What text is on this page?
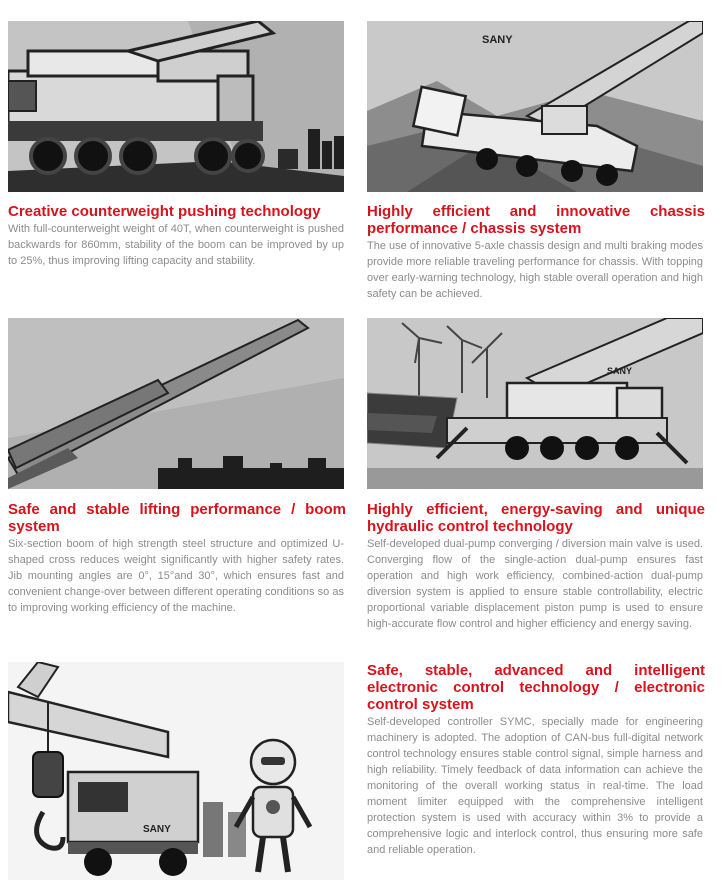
Creative counterweight pushing technology

With full-counterweight weight of 40T, when counterweight is pushed backwards for 860mm, stability of the boom can be improved by up to 25%, thus improving lifting capacity and stability.

SANY
Highly efficient and innovative chassis performance / chassis system

The use of innovative 5-axle chassis design and multi braking modes provide more reliable traveling performance for chassis. With topping over early-warning technology, high stable overall operation and high safety can be achieved.

Safe and stable lifting performance / boom system

Six-section boom of high strength steel structure and optimized U-shaped cross reduces weight significantly with higher safety rates. Jib mounting angles are 0°, 15°and 30°, which ensures fast and convenient change-over between different operating conditions so as to improving working efficiency of the machine.

SANY
Highly efficient, energy-saving and unique hydraulic control technology

Self-developed dual-pump converging / diversion main valve is used. Converging flow of the single-action dual-pump ensures fast operation and high work efficiency, combined-action dual-pump diversion system is applied to ensure stable controllability, electric proportional variable displacement piston pump is used to ensure high-accurate flow control and higher efficiency and energy saving.

SANY
Safe, stable, advanced and intelligent electronic control technology / electronic control system

Self-developed controller SYMC, specially made for engineering machinery is adopted. The adoption of CAN-bus full-digital network control technology ensures stable control signal, simple harness and high reliability. Timely feedback of data information can achieve the monitoring of the overall working status in real-time. The load moment limiter equipped with the comprehensive intelligent protection system is used with accuracy within 3% to provide a comprehensive logic and interlock control, thus ensuring more safe and reliable operation.
